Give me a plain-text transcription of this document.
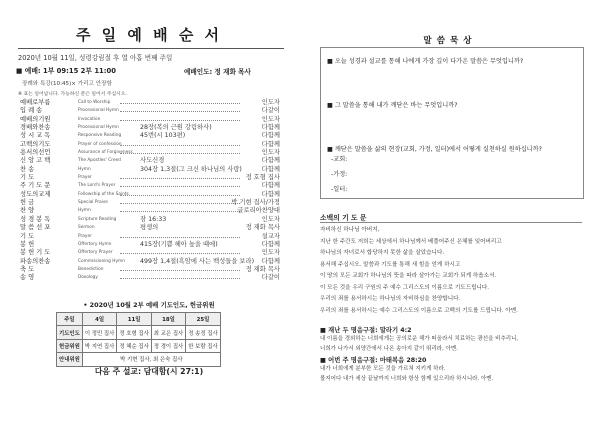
주 일 예 배 순 서
2020년 10월 11일, 성령강림절 후 열 아홉 번째 주일
■ 예배: 1부 09:15 2부 11:00	예배인도: 정 재화 목사
장례와 특강(10:45)× 가리고 안장함
※ 표는 일어납니다. 가능하신 분은 일어서 주십시오.
예배로부름	Call to Worship	인도자
입 례 송	Processional Hymn	다같이
예배의기원	Invocation	인도자
경배와찬송	Processional Hymn	28장(복의 근원 강림하사)	다함께
성 시 교 독	Responsive Reading	45번(시 103편)	다함께
고백의기도	Prayer of confession	다함께
용서의선언	Assurance of Forgiveness	인도자
신 앙 고 백	The Apostles' Creed	사도신경	다함께
찬 송	Hymn	304장 1,3절(그 크신 하나님의 사랑)	다함께
기 도	Prayer	정 호형 집사
주 기 도 문	The Lord's Prayer	다함께
성도의교제	Fellowship of the Saints	다함께
헌 금	Special Praise	박 기현 집사/가정
찬 양	Hymn	글로리아찬양대
성 경 봉 독	Scripture Reading	잠 16:33	인도자
말 씀 선 포	Sermon	평생의	정 재화 목사
기 도	Prayer	설교자
봉 헌	Offertory Hymn	415장(기쁨 헤아 높을 때에)	다함께
봉 헌 기 도	Offertory Prayer	인도자
파송의찬송	Commissioning Hymn 499장 1,4절(흑암에 사는 백성들을 보라) 다함께
축 도	Benediction	정 재화 목사
송 영	Doxology	다같이
• 2020년 10월 2부 예배 기도인도, 헌금위원
주일	4일	11일	18일	25일
기도인도	이 정민 집사	정 호형 집사	최 교은 집사	정 송정 집사
헌금위원	박 지연 집사	정 혜순 집사	정 경이 집사	한 보람 집사
안내위원	박 기현 집사, 최 은숙 집사			
다음 주 설교: 담대함(시 27:1)
말 씀 묵 상
■ 오늘 성경과 설교를 통해 나에게 가장 깊이 다가온 말씀은 무엇입니까?
■ 그 말씀을 통해 내가 깨닫은 바는 무엇입니까?
■ 깨닫은 말씀을 삶의 현장(교회, 가정, 일터)에서 어떻게 실천하실 원하십니까?
-교회:
-가정:
-일터:
소백의 기 도 문
자비하신 하나님 아버지,
지난 한 주간도 저희는 세상에서 하나님께서 베풀어주신 은혜를 잊어버리고
하나님의 자녀로서 합당하지 못한 삶을 살았습니다.
용서해 주십시오. 말씀과 기도를 통해 새 힘을 얻게 하시고
이 땅의 모든 교회가 하나님의 뜻을 따라 살아가는 교회가 되게 하옵소서.
이 모든 것을 우리 구원의 주 예수 그리스도의 이름으로 기도드립니다.
우리의 죄를 용서하시는 하나님의 자비하심을 찬양합니다.
우리의 죄를 용서하시는 예수 그리스도의 이름으로 고백의 기도를 드립니다. 아멘.
■ 재난 두 명음구절: 말라기 4:2
내 이름을 경외하는 너희에게는 공의로운 해가 떠올라서 치료하는 광선을 비추리니,
너희가 나가서 외양간에서 나온 송아지 같이 뛰리라, 아멘.
■ 어번 주 명음구절: 마태복음 28:20
내가 너희에게 분부한 모든 것을 가르쳐 지키게 하라.
볼지어다 내가 세상 끝날까지 너희와 항상 함께 있으리라 하시니라. 아멘.
